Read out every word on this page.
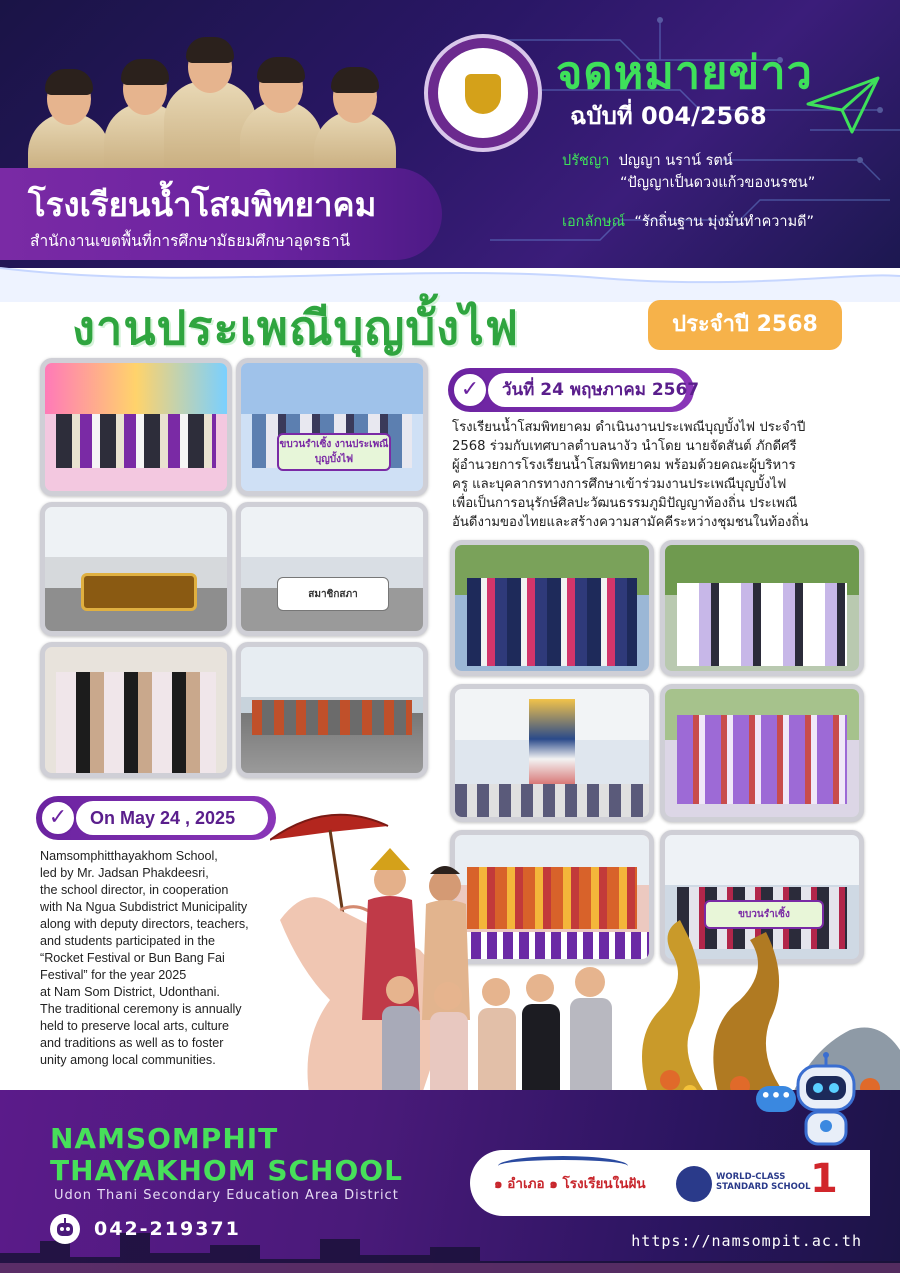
โรงเรียนน้ำโสมพิทยาคม
สำนักงานเขตพื้นที่การศึกษามัธยมศึกษาอุดรธานี
จดหมายข่าว
ฉบับที่ 004/2568
ปรัชญา ปญญา นราน์ รตน์
“ปัญญาเป็นดวงแก้วของนรชน”
เอกลักษณ์ “รักถิ่นฐาน มุ่งมั่นทำความดี”
งานประเพณีบุญบั้งไฟ	ประจำปี 2568
ขบวนรำเซิ้ง งานประเพณีบุญบั้งไฟ
สมาชิกสภา
✓	วันที่ 24 พฤษภาคม 2567
โรงเรียนน้ำโสมพิทยาคม ดำเนินงานประเพณีบุญบั้งไฟ ประจำปี
2568 ร่วมกับเทศบาลตำบลนางัว นำโดย นายจัดสันต์ ภักดีศรี
ผู้อำนวยการโรงเรียนน้ำโสมพิทยาคม พร้อมด้วยคณะผู้บริหาร
ครู และบุคลากรทางการศึกษาเข้าร่วมงานประเพณีบุญบั้งไฟ
เพื่อเป็นการอนุรักษ์ศิลปะวัฒนธรรมภูมิปัญญาท้องถิ่น ประเพณี
อันดีงามของไทยและสร้างความสามัคคีระหว่างชุมชนในท้องถิ่น
ขบวนรำเซิ้ง
✓	On May 24 , 2025
Namsomphitthayakhom School,
led by Mr. Jadsan Phakdeesri,
the school director, in cooperation
with Na Ngua Subdistrict Municipality
along with deputy directors, teachers,
and students participated in the
“Rocket Festival or Bun Bang Fai
Festival” for the year 2025
at Nam Som District, Udonthani.
The traditional ceremony is annually
held to preserve local arts, culture
and traditions as well as to foster
unity among local communities.
NAMSOMPHIT
THAYAKHOM SCHOOL
Udon Thani Secondary Education Area District
042-219371
https://namsompit.ac.th
๑ อำเภอ ๑ โรงเรียนในฝัน	WORLD-CLASS
STANDARD SCHOOL 1
•••
